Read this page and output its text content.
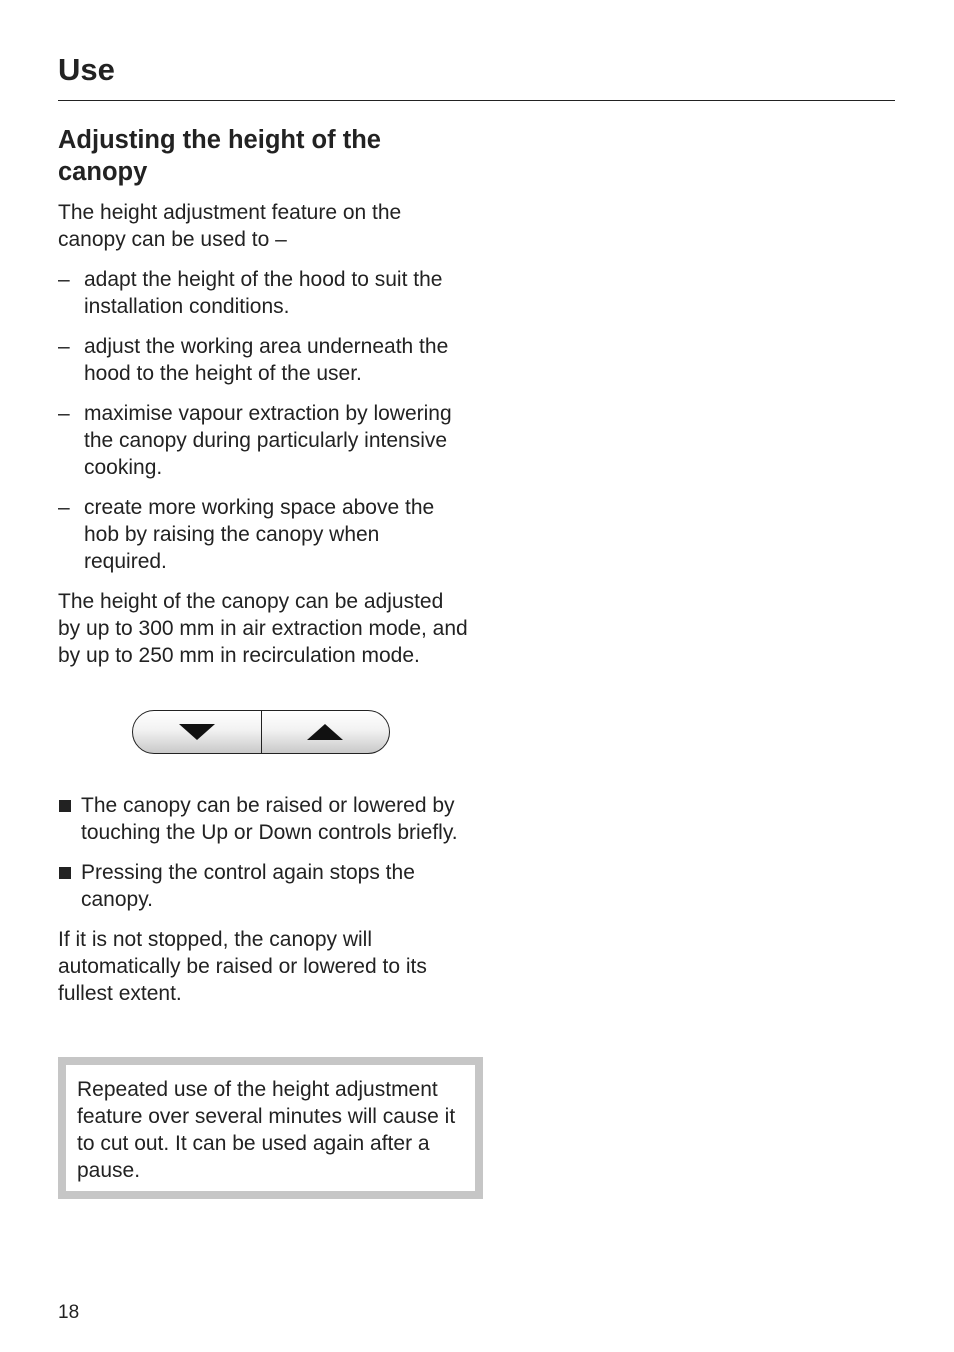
Use
Adjusting the height of the canopy

The height adjustment feature on the canopy can be used to –

– adapt the height of the hood to suit the installation conditions.
– adjust the working area underneath the hood to the height of the user.
– maximise vapour extraction by lowering the canopy during particularly intensive cooking.
– create more working space above the hob by raising the canopy when required.

The height of the canopy can be adjusted by up to 300 mm in air extraction mode, and by up to 250 mm in recirculation mode.

The canopy can be raised or lowered by touching the Up or Down controls briefly.
Pressing the control again stops the canopy.

If it is not stopped, the canopy will automatically be raised or lowered to its fullest extent.

Repeated use of the height adjustment feature over several minutes will cause it to cut out. It can be used again after a pause.

18
